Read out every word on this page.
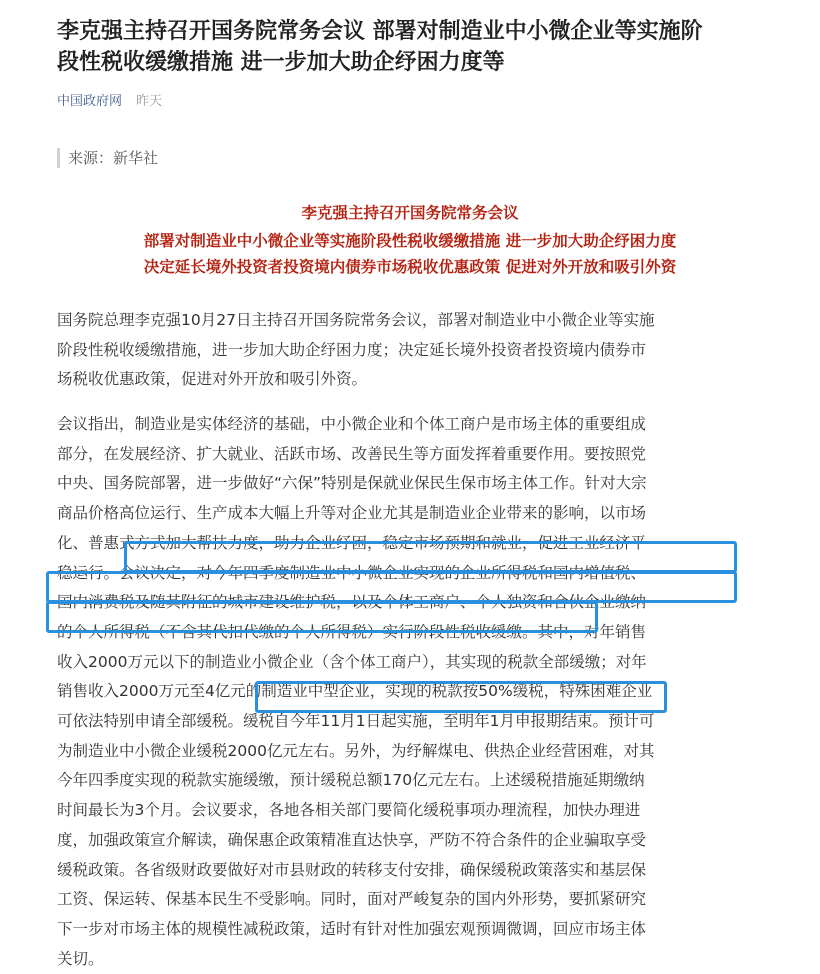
李克强主持召开国务院常务会议 部署对制造业中小微企业等实施阶
段性税收缓缴措施 进一步加大助企纾困力度等
中国政府网 昨天
来源：新华社
李克强主持召开国务院常务会议
部署对制造业中小微企业等实施阶段性税收缓缴措施 进一步加大助企纾困力度
决定延长境外投资者投资境内债券市场税收优惠政策 促进对外开放和吸引外资
国务院总理李克强10月27日主持召开国务院常务会议，部署对制造业中小微企业等实施
阶段性税收缓缴措施，进一步加大助企纾困力度；决定延长境外投资者投资境内债券市
场税收优惠政策，促进对外开放和吸引外资。
会议指出，制造业是实体经济的基础，中小微企业和个体工商户是市场主体的重要组成
部分，在发展经济、扩大就业、活跃市场、改善民生等方面发挥着重要作用。要按照党
中央、国务院部署，进一步做好“六保”特别是保就业保民生保市场主体工作。针对大宗
商品价格高位运行、生产成本大幅上升等对企业尤其是制造业企业带来的影响，以市场
化、普惠式方式加大帮扶力度，助力企业纾困，稳定市场预期和就业，促进工业经济平
稳运行。会议决定，对今年四季度制造业中小微企业实现的企业所得税和国内增值税、
国内消费税及随其附征的城市建设维护税，以及个体工商户、个人独资和合伙企业缴纳
的个人所得税（不含其代扣代缴的个人所得税）实行阶段性税收缓缴。其中，对年销售
收入2000万元以下的制造业小微企业（含个体工商户），其实现的税款全部缓缴；对年
销售收入2000万元至4亿元的制造业中型企业，实现的税款按50%缓税，特殊困难企业
可依法特别申请全部缓税。缓税自今年11月1日起实施，至明年1月申报期结束。预计可
为制造业中小微企业缓税2000亿元左右。另外，为纾解煤电、供热企业经营困难，对其
今年四季度实现的税款实施缓缴，预计缓税总额170亿元左右。上述缓税措施延期缴纳
时间最长为3个月。会议要求，各地各相关部门要简化缓税事项办理流程，加快办理进
度，加强政策宣介解读，确保惠企政策精准直达快享，严防不符合条件的企业骗取享受
缓税政策。各省级财政要做好对市县财政的转移支付安排，确保缓税政策落实和基层保
工资、保运转、保基本民生不受影响。同时，面对严峻复杂的国内外形势，要抓紧研究
下一步对市场主体的规模性减税政策，适时有针对性加强宏观预调微调，回应市场主体
关切。
